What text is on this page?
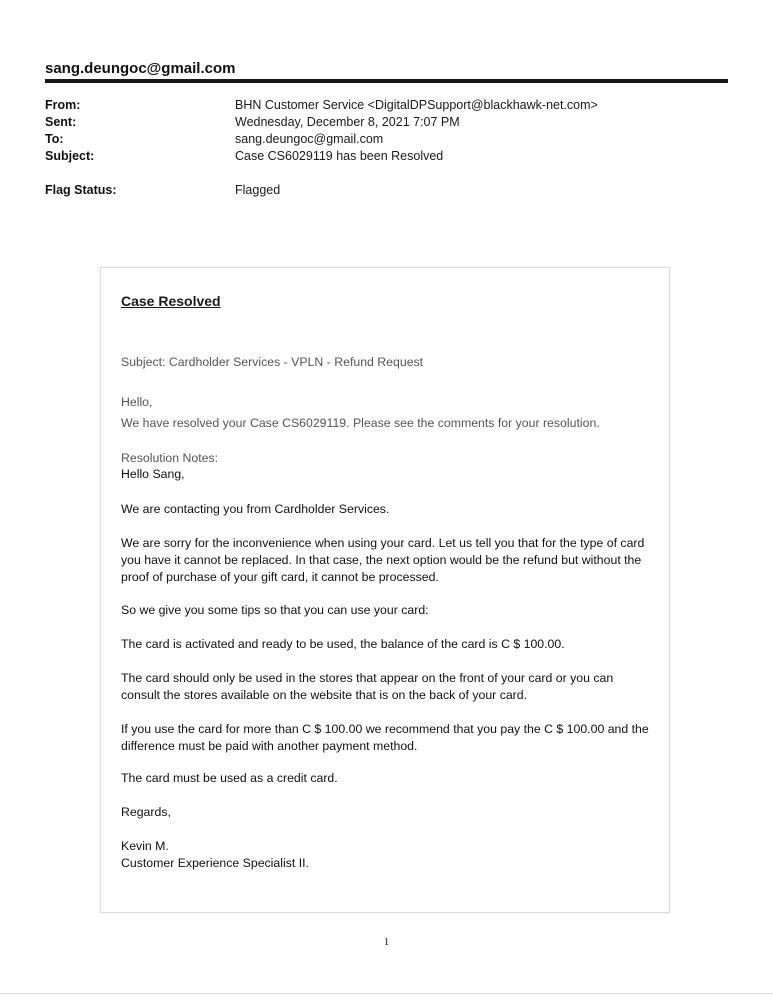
sang.deungoc@gmail.com
From:	BHN Customer Service <DigitalDPSupport@blackhawk-net.com>
Sent:	Wednesday, December 8, 2021 7:07 PM
To:	sang.deungoc@gmail.com
Subject:	Case CS6029119 has been Resolved
Flag Status:	Flagged
Case Resolved
Subject: Cardholder Services - VPLN - Refund Request
Hello,
We have resolved your Case CS6029119. Please see the comments for your resolution.
Resolution Notes:
Hello Sang,
We are contacting you from Cardholder Services.
We are sorry for the inconvenience when using your card. Let us tell you that for the type of card you have it cannot be replaced. In that case, the next option would be the refund but without the proof of purchase of your gift card, it cannot be processed.
So we give you some tips so that you can use your card:
The card is activated and ready to be used, the balance of the card is C $ 100.00.
The card should only be used in the stores that appear on the front of your card or you can consult the stores available on the website that is on the back of your card.
If you use the card for more than C $ 100.00 we recommend that you pay the C $ 100.00 and the difference must be paid with another payment method.
The card must be used as a credit card.
Regards,
Kevin M.
Customer Experience Specialist II.
1
